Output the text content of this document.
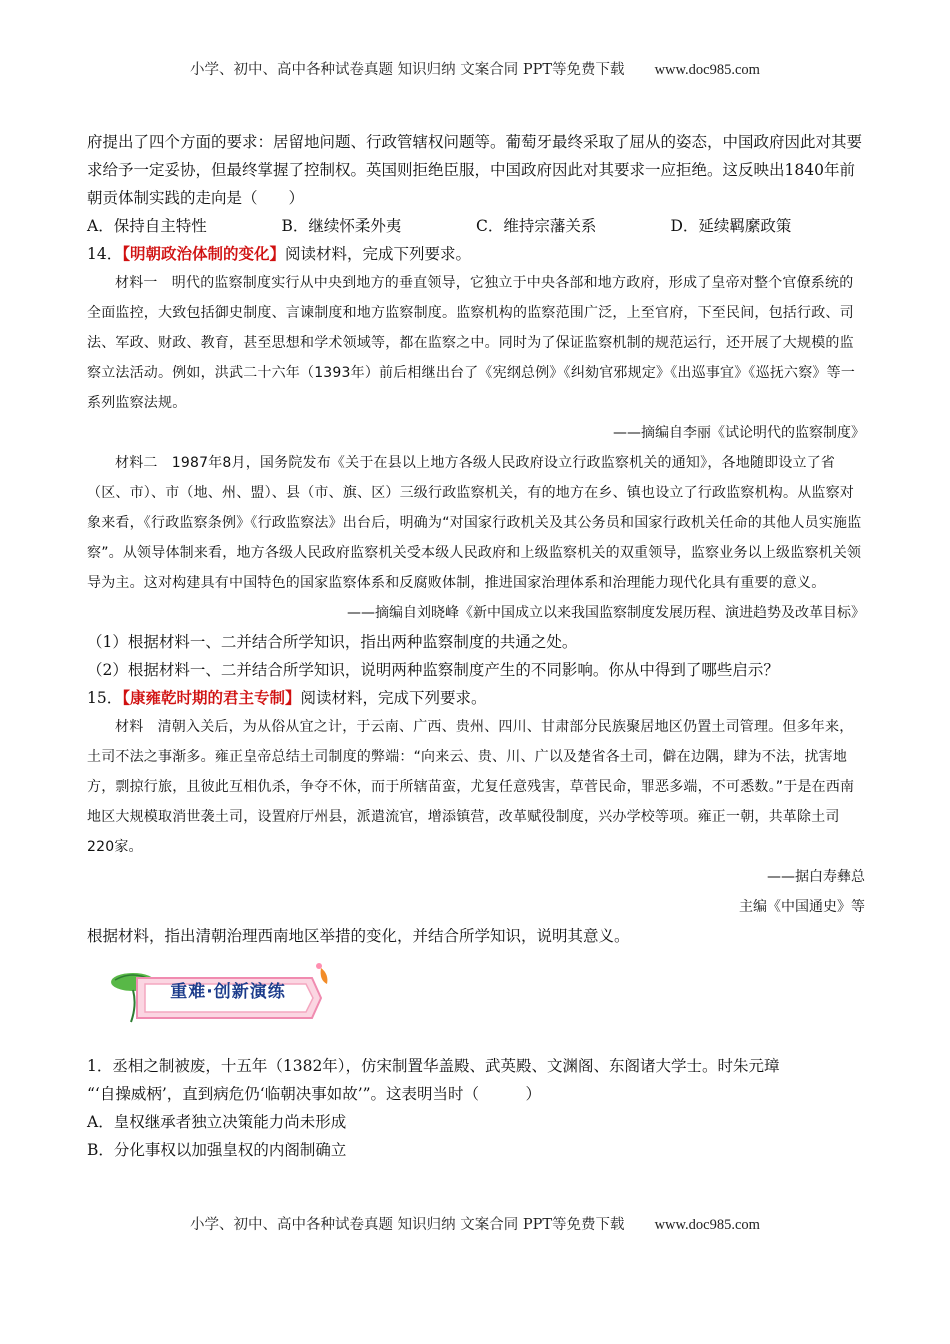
小学、初中、高中各种试卷真题 知识归纳 文案合同 PPT等免费下载 www.doc985.com

府提出了四个方面的要求：居留地问题、行政管辖权问题等。葡萄牙最终采取了屈从的姿态，中国政府因此对其要求给予一定妥协，但最终掌握了控制权。英国则拒绝臣服，中国政府因此对其要求一应拒绝。这反映出1840年前朝贡体制实践的走向是（　　）

A．保持自主特性	B．继续怀柔外夷	C．维持宗藩关系	D．延续羁縻政策

14．【明朝政治体制的变化】阅读材料，完成下列要求。

材料一　明代的监察制度实行从中央到地方的垂直领导，它独立于中央各部和地方政府，形成了皇帝对整个官僚系统的全面监控，大致包括御史制度、言谏制度和地方监察制度。监察机构的监察范围广泛，上至官府，下至民间，包括行政、司法、军政、财政、教育，甚至思想和学术领域等，都在监察之中。同时为了保证监察机制的规范运行，还开展了大规模的监察立法活动。例如，洪武二十六年（1393年）前后相继出台了《宪纲总例》《纠劾官邪规定》《出巡事宜》《巡抚六察》等一系列监察法规。

——摘编自李丽《试论明代的监察制度》

材料二　1987年8月，国务院发布《关于在县以上地方各级人民政府设立行政监察机关的通知》，各地随即设立了省（区、市）、市（地、州、盟）、县（市、旗、区）三级行政监察机关，有的地方在乡、镇也设立了行政监察机构。从监察对象来看，《行政监察条例》《行政监察法》出台后，明确为“对国家行政机关及其公务员和国家行政机关任命的其他人员实施监察”。从领导体制来看，地方各级人民政府监察机关受本级人民政府和上级监察机关的双重领导，监察业务以上级监察机关领导为主。这对构建具有中国特色的国家监察体系和反腐败体制，推进国家治理体系和治理能力现代化具有重要的意义。

——摘编自刘晓峰《新中国成立以来我国监察制度发展历程、演进趋势及改革目标》

（1）根据材料一、二并结合所学知识，指出两种监察制度的共通之处。

（2）根据材料一、二并结合所学知识，说明两种监察制度产生的不同影响。你从中得到了哪些启示？

15．【康雍乾时期的君主专制】阅读材料，完成下列要求。

材料　清朝入关后，为从俗从宜之计，于云南、广西、贵州、四川、甘肃部分民族聚居地区仍置土司管理。但多年来，土司不法之事渐多。雍正皇帝总结土司制度的弊端：“向来云、贵、川、广以及楚省各土司，僻在边隅，肆为不法，扰害地方，剽掠行旅，且彼此互相仇杀，争夺不休，而于所辖苗蛮，尤复任意残害，草菅民命，罪恶多端，不可悉数。”于是在西南地区大规模取消世袭土司，设置府厅州县，派遣流官，增添镇营，改革赋役制度，兴办学校等项。雍正一朝，共革除土司220家。

——据白寿彝总

主编《中国通史》等

根据材料，指出清朝治理西南地区举措的变化，并结合所学知识，说明其意义。

重难·创新演练

1．丞相之制被废，十五年（1382年），仿宋制置华盖殿、武英殿、文渊阁、东阁诸大学士。时朱元璋

“‘自操威柄’，直到病危仍‘临朝决事如故’”。这表明当时（　　　）

A．皇权继承者独立决策能力尚未形成

B．分化事权以加强皇权的内阁制确立

小学、初中、高中各种试卷真题 知识归纳 文案合同 PPT等免费下载 www.doc985.com
